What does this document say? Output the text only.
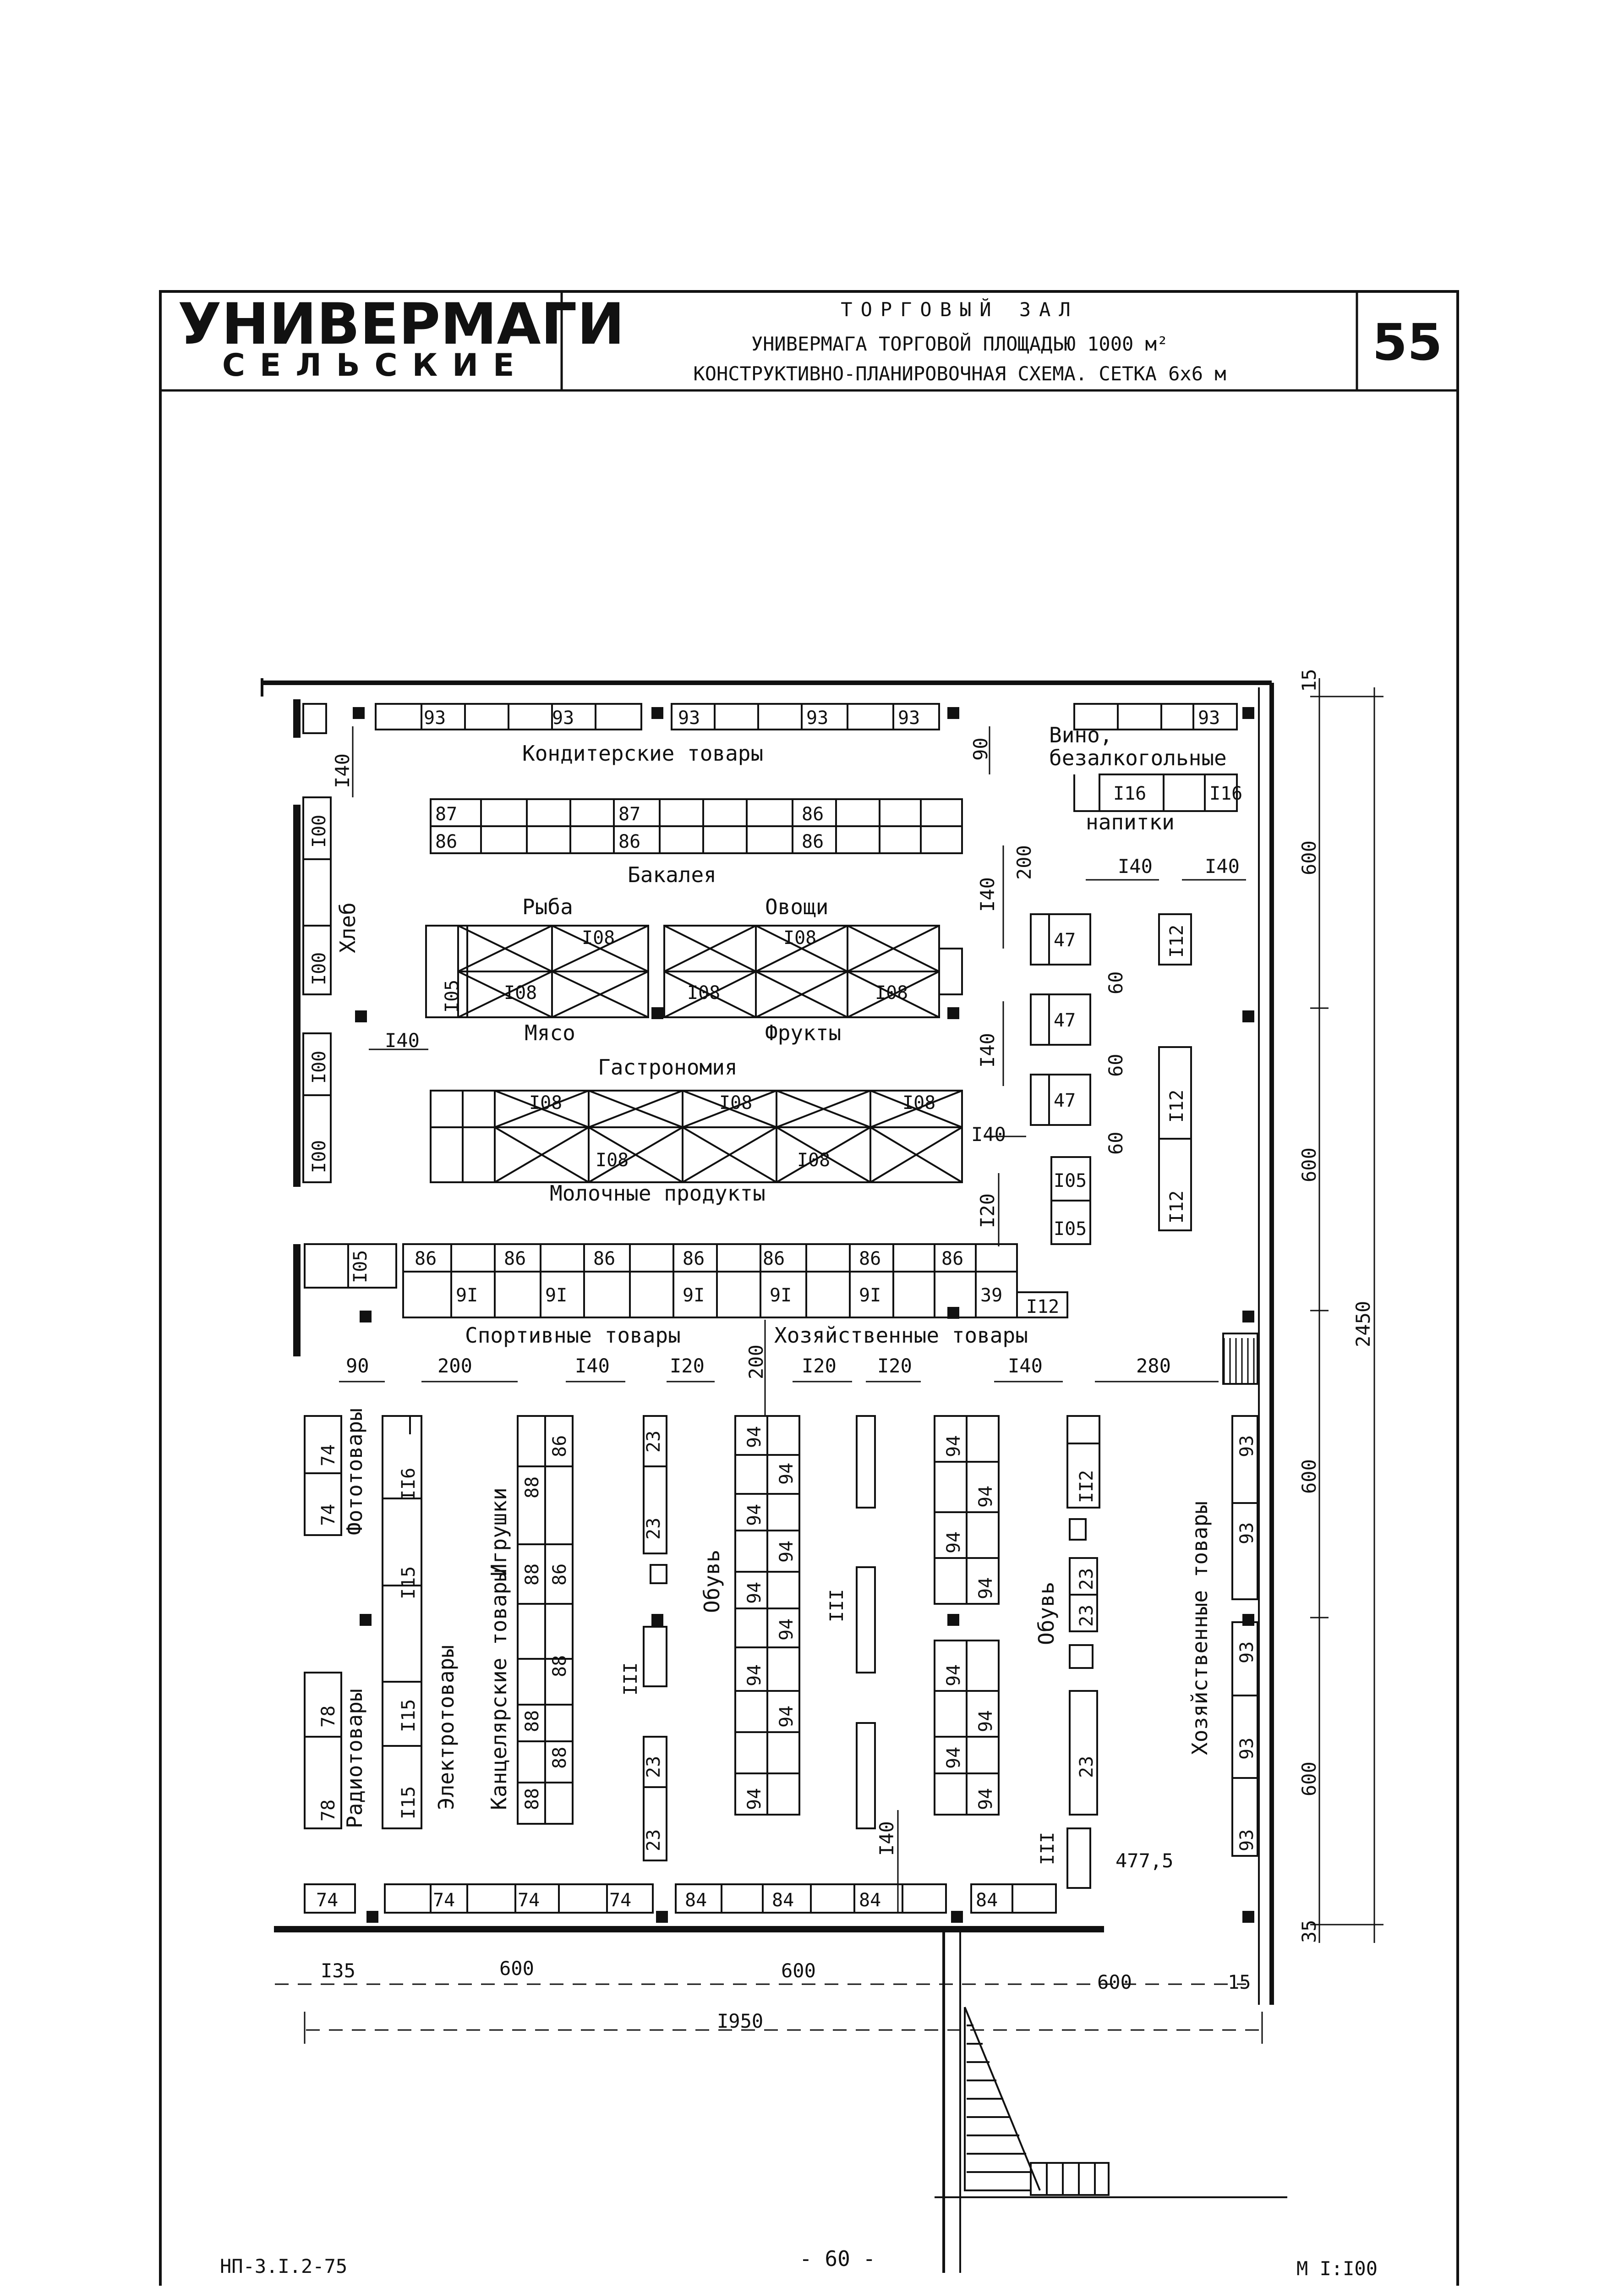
УНИВЕРМАГИ
СЕЛЬСКИЕ
ТОРГОВЫЙ ЗАЛ
УНИВЕРМАГА ТОРГОВОЙ ПЛОЩАДЬЮ 1000 м²
КОНСТРУКТИВНО-ПЛАНИРОВОЧНАЯ СХЕМА. СЕТКА 6х6 м
55
93	93	93	93	93	93
Кондитерские товары
Вино,
безалкогольные
напитки
I16	I16
87	87	86
86	86	86
Бакалея
I00
I00
I00
I00
Хлеб	Рыба	Овощи
I08	I08
I08	I08	I08
I05
Мясо	Фрукты
Гастрономия
I08	I08	I08
I08	I08
Молочные продукты
47
47
47
I12
I12
I12
I05
I05
I05 86	86	86	86	86	86	86
9I	9I	9I	9I	9I	39
I12
Спортивные товары	Хозяйственные товары
74
74
78
78
II6
I15
I15
I15
86
88
88 86
88
88
88
88
23
23
23
23
III
III
III
94
94
94
94
94
94
94
94
94
94
94
94
94
94
94
94
94
II2
23
23
23
93
93
93
93
93
Фототовары
Радиотовары	Электротовары Канцелярские товары
Игрушки
Обувь
Обувь	Хозяйственные товары
74	74	74	74	84	84	84	84
15
600
600
600
600
35
2450
I40
90
200
I40
I40
I20
60
60
60
200
I40
I40	I40
I40
I40
90	200	I40	I20	I20 I20	I40	280
I35	600	600
600	15
I950
477,5
НП-3.I.2-75	- 60 -	М I:I00
